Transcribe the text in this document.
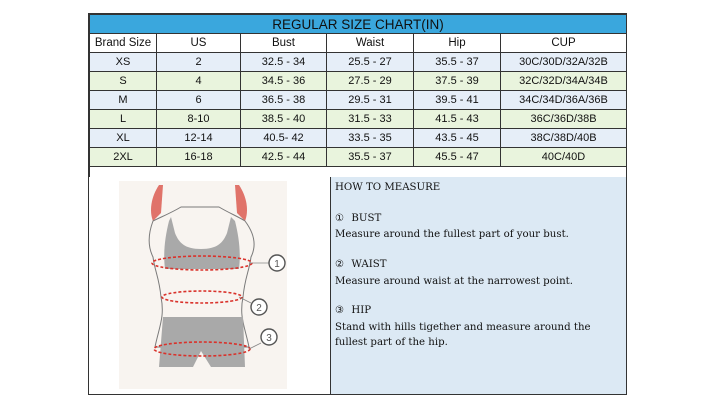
REGULAR SIZE CHART(IN)					
Brand Size	US	Bust	Waist	Hip	CUP
XS	2	32.5 - 34	25.5 - 27	35.5 - 37	30C/30D/32A/32B
S	4	34.5 - 36	27.5 - 29	37.5 - 39	32C/32D/34A/34B
M	6	36.5 - 38	29.5 - 31	39.5 - 41	34C/34D/36A/36B
L	8-10	38.5 - 40	31.5 - 33	41.5 - 43	36C/36D/38B
XL	12-14	40.5- 42	33.5 - 35	43.5 - 45	38C/38D/40B
2XL	16-18	42.5 - 44	35.5 - 37	45.5 - 47	40C/40D

1
2
3
HOW TO MEASURE
① BUST

Measure around the fullest part of your bust.

② WAIST

Measure around waist at the narrowest point.

③ HIP

Stand with hills tigether and measure around the fullest part of the hip.
